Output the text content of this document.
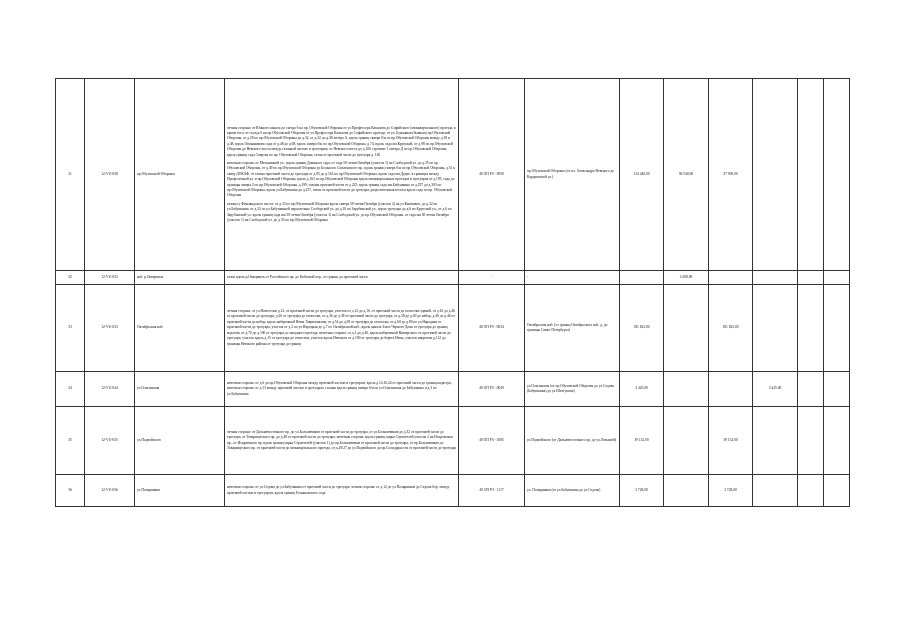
31	12-VU-038	пр.Обуховской Обороны	четная сторона: от Южного канала до съезда б на пр. Обуховской Обороны от ул.Профессора Качалова до Софийского (межквартального) проезда, в кроме того, от съезда б на пр.Обуховской Обороны от ул.Профессора Качалова до Софийского проезда, от ул. Бумажная (бывшая) пр.Обуховской Обороны, от д.28 по пр.Обуховской Обороны до д.32, от д.32 до д.38 литера А, вдоль границ сквера б/н по пр.Обуховской Обороны между д.38 и д.48, вдоль Овсянникова сада от д.48 до д.68, вдоль сквера б/н по пр.Обуховской Обороны, д.74, вдоль сада им.Крупской, от д.98 по пр.Обуховской Обороны до Невского моста между газонной частью и тротуаром; от Невского моста до д.106 строение 1 литера Д по пр.Обуховской Обороны, вдоль границ сада Спартак по пр. Обуховской Обороны, газон от проезжей части до тротуара д. 140
нечетная сторона: от Мельничной ул., вдоль границ Длинного сада, от сада 50-летия Октября (участок 1) на Слободской ул. до д.35 по пр. Обуховской Обороны, от д.49 по пр.Обуховской Обороны до Большого Смоленского пр., вдоль границ сквера б/н по пр.Обуховской Обороны, д.51 к сквер ДОКАФ, от газона проезжей части до тротуара от д.95 до д.163 по пр.Обуховской Обороны, вдоль сада им.Дудко, в границах между Профсоюзной ул. и пр.Обуховской Обороны, вдоль д.163 по пр.Обуховской Обороны вдоль межквартальных проездов и тротуаров от д.195, сада до границы сквера 2 по пр.Обуховской Обороны, д.199, газоны проезжей части от д.225, вдоль границ сада им.Бабушкина от д.257 до д.303 по пр.Обуховской Обороны, вдоль ул.Бабушкина до д.257, газон от проезжей части до тротуара, разделительная полоса вдоль сада по пр. Обуховской Обороны
газоны у Финляндского моста: от д.33 по пр.Обуховской Обороны вдоль сквера 50-летия Октября (участок 2) на ул.Книпович, до д.32 по ул.Бабушкина, от д.32 по ул.Бабушкиной параллельно Слободской ул. до д.10 по Зарубинской ул., вдоль тротуара до д.6 по Крупской ул., от д.6 по Зарубинской ул. вдоль границ сада им.50-летия Октября (участок 1) на Слободской ул. до пр.Обуховской Обороны, от сада им.50-летия Октября (участок 1) на Слободской ул. до д.33 по пр.Обуховской Обороны	40 ОП РЗ - 0930	пр.Обуховской Обороны (от пл. Александра Невского до Кардиовской ул.)	134 440,00	96 540,00	37 900,00			
32	12-VU-032	наб. р.Оккервиль	газон вдоль р.Оккервиль от Российского пр. до Кабловой пер., от границ до проезжей части	-	-		4 208,00				
33	12-VU-033	Октябрьская наб.	четная сторона: от ул.Новоселов д.12, от проезжей части до тротуара, участок от д.12 до д.16, от проезжей части до отмостки зданий, от д.16 до д.26 от проезжей части до тротуара, д.26 от тротуара до отмостки, от д.36 до д.38 от проезжей части до тротуара, от д.38 до д.40 до набор, д.40 до д.46 от проезжей части до набор, вдоль набережной Невы Тавричанская, от д.54 до д.58 от тротуара до отмостки, от д.60 до д.80 по ул.Народная от проезжей части до тротуара, участок от д.2 по ул.Народная до д.7 по Октябрьской наб., вдоль канала Злата Черного Дома от тротуара до границ водоема, от д.70 до д.100 от тротуара до западного проезда, нечетная сторона: от д.3 до д.40, вдоль набережной Вишерского от проезжей части до тротуара, участок вдоль д.15 от тротуара до отмостки, участок вдоль Невского от д.100 от тротуара до берега Невы, участок напротив д.112 до границы Невского района от тротуара до границ	40 ОП РЗ - 0034	Октябрьская наб. (от границ Октябрьского наб. д. до границы Санкт-Петербурга)	181 823,00		181 823,00			
34	12-VU-044	ул.Ольгинская	нечетная сторона: от д.6 до пр.Обуховской Обороны между проезжей частью и тротуаром, вдоль д.14,16,24 от проезжей части до границ кадастра, нечетная сторона: от д.13 между проезжей частью и тротуаром, газоны вдоль границ сквера б/н по ул.Ольгинская до Бабушкина и д.3 по ул.Бабушкина	40 ОП РЗ - 0049	ул.Ольгинская (от пр.Обуховской Обороны до ул.Седова (Бабушкина) до ул.Шелгунова)	3 425,00			3 425,00		
35	12-VU-035	ул.Подвойского	четная сторона: от Дальневосточного пр. до ул.Большевиков от проезжей части до тротуара, от ул.Большевиков до д.32 от проезжей части до тротуара, от Товарищеского пр. до д.48 от проезжей части до тротуара, нечетная сторона: вдоль границ парка Строителей участок 2 на Искровском пр., от Искровского пр. вдоль границ парка Строителей (участок 1) до пр.Большевиков от проезжей части до тротуара, от пр.Большевиков до Товарищеского пр. от проезжей части до межквартального проезда, от д.29/27 до ул.Подвойского до пр.Солидарности от проезжей части до тротуара	40 ОП РЗ - 1085	ул.Подвойского (от Дальневосточного пр. до ул.Латышей)	39 132,00		39 132,00			
36	12-VU-036	ул.Полярников	нечетная сторона: от ул.Седова до ул.Бабушкина от проезжей части до тротуара, четная сторона: от д.12 до ул.Полярников до Седова бор. между проезжей частью и тротуаром, вдоль границ Гольяновского сада	40 ОП РЗ - 1117	ул. Полярников (от ул.Бабушкина до ул.Седова)	3 728,00		3 728,00			
